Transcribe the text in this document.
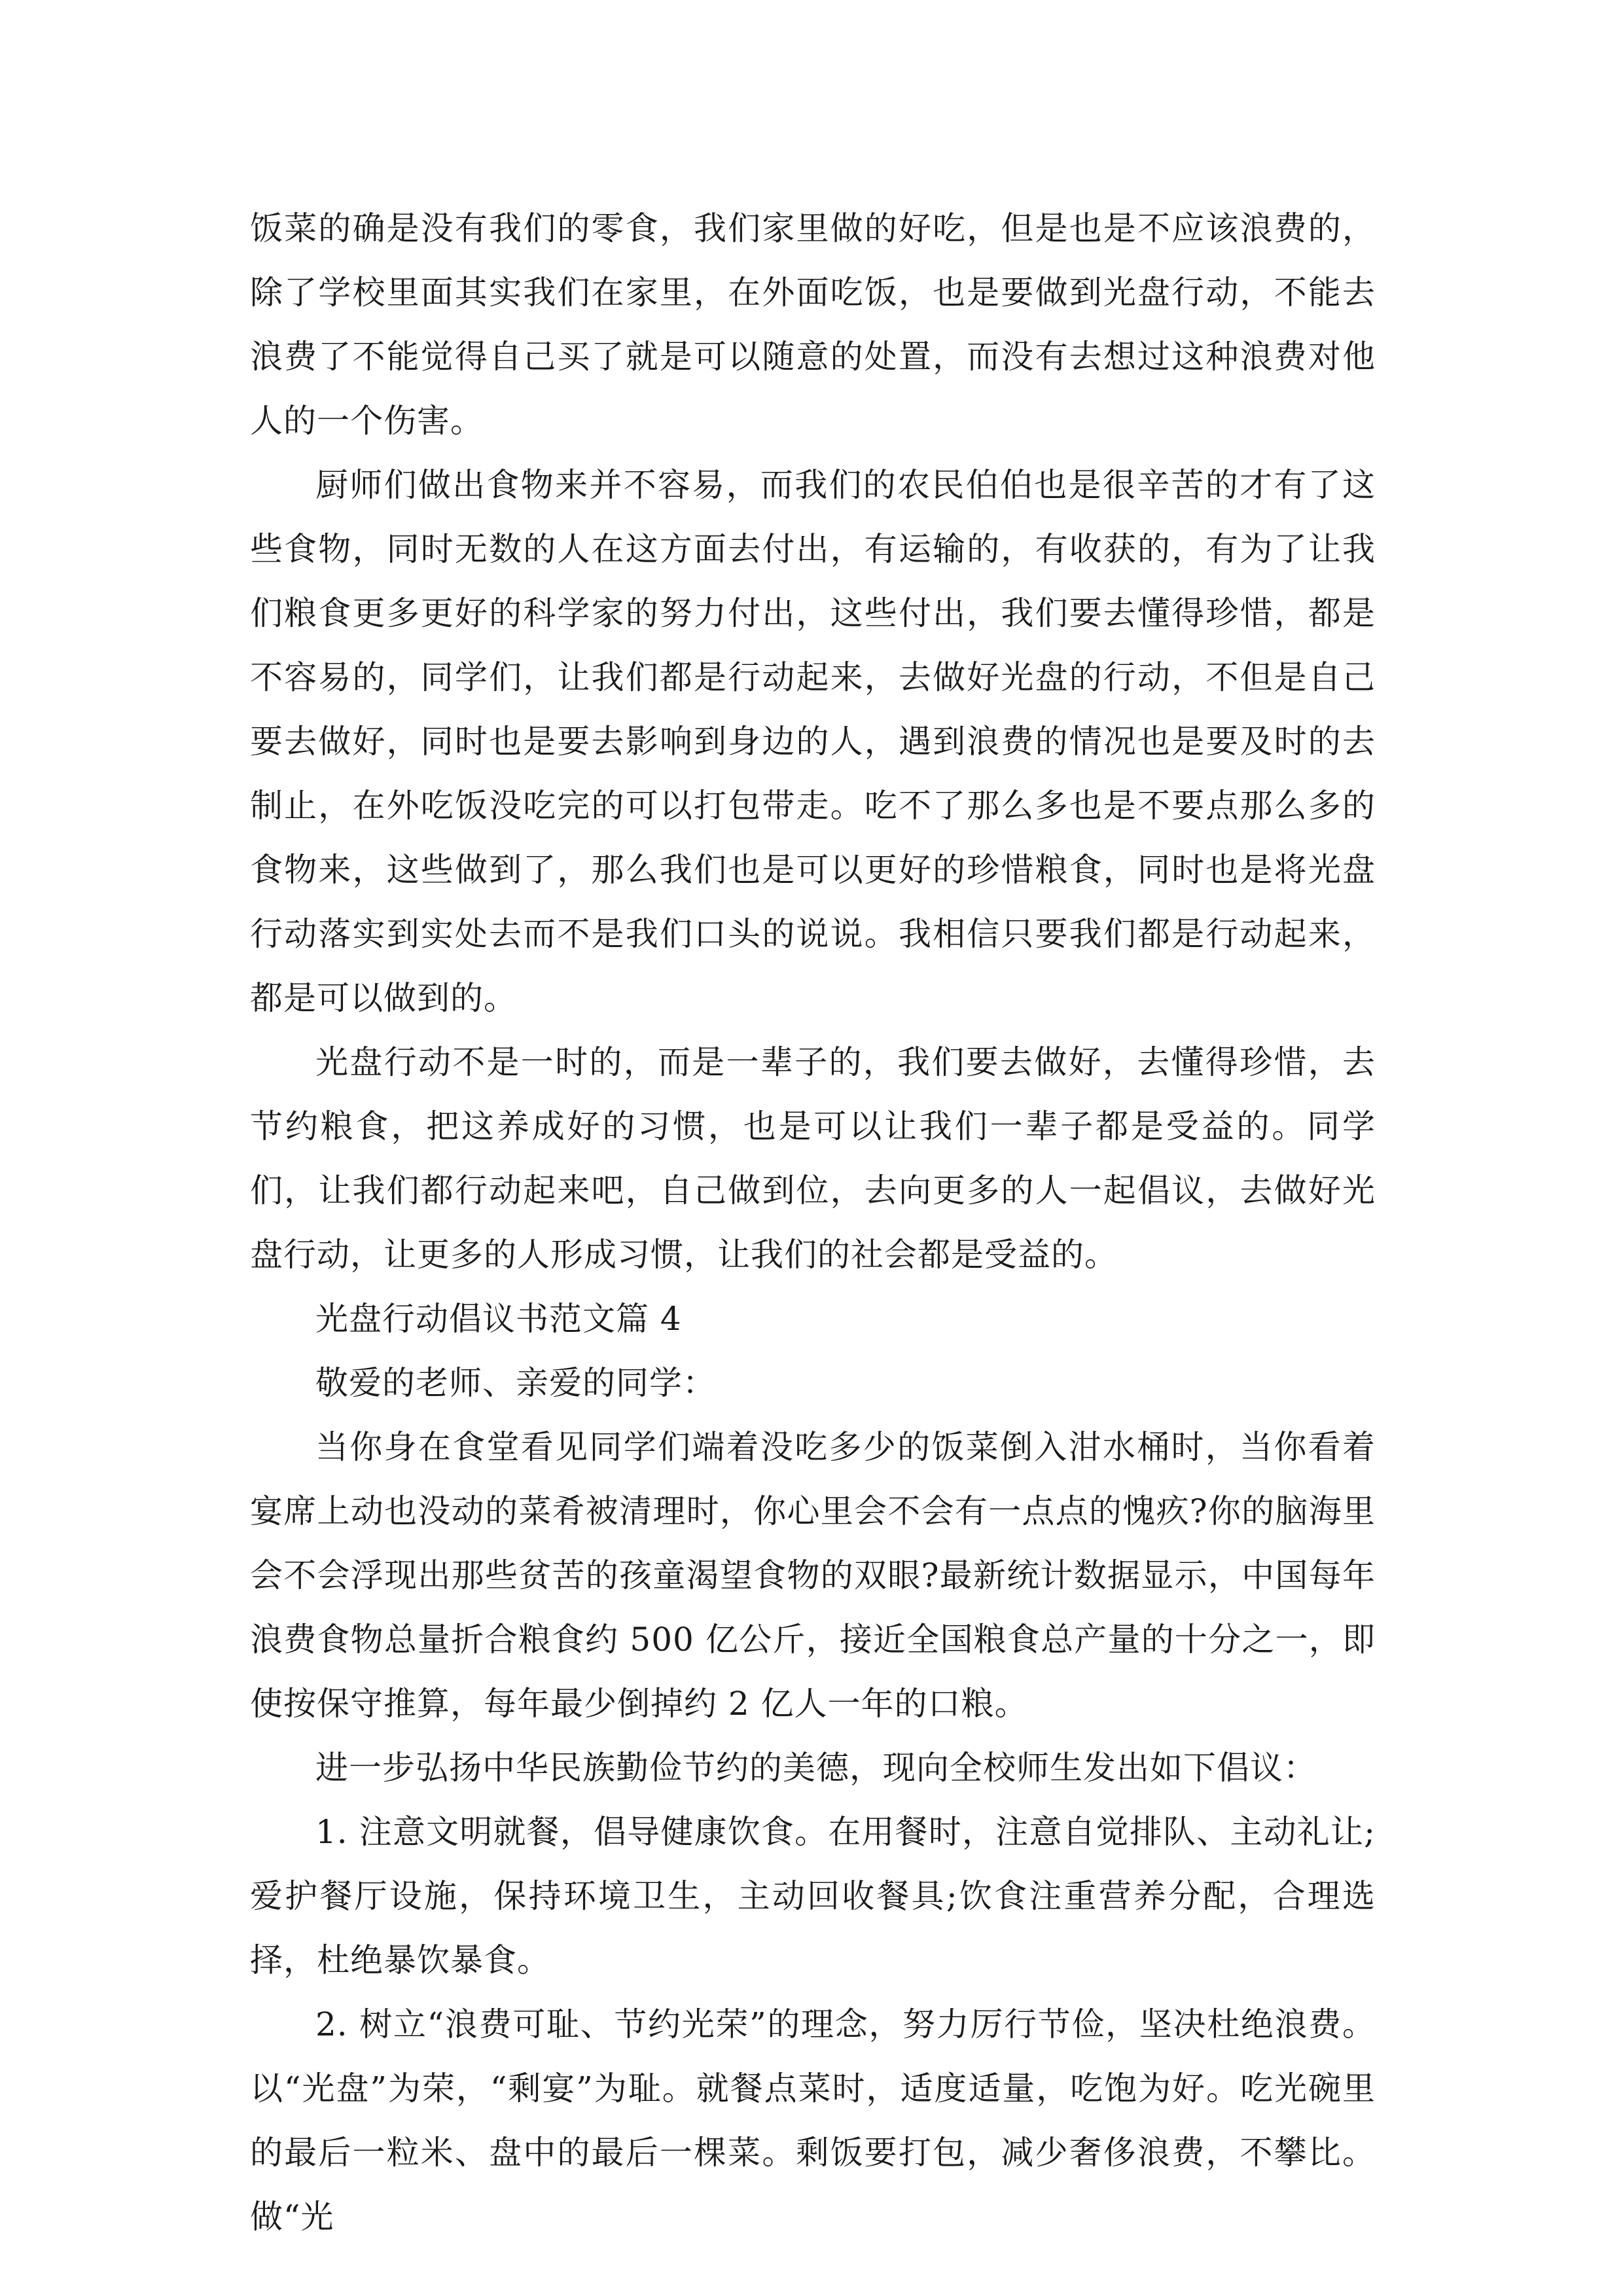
饭菜的确是没有我们的零食，我们家里做的好吃，但是也是不应该浪费的，除了学校里面其实我们在家里，在外面吃饭，也是要做到光盘行动，不能去浪费了不能觉得自己买了就是可以随意的处置，而没有去想过这种浪费对他人的一个伤害。

厨师们做出食物来并不容易，而我们的农民伯伯也是很辛苦的才有了这些食物，同时无数的人在这方面去付出，有运输的，有收获的，有为了让我们粮食更多更好的科学家的努力付出，这些付出，我们要去懂得珍惜，都是不容易的，同学们，让我们都是行动起来，去做好光盘的行动，不但是自己要去做好，同时也是要去影响到身边的人，遇到浪费的情况也是要及时的去制止，在外吃饭没吃完的可以打包带走。吃不了那么多也是不要点那么多的食物来，这些做到了，那么我们也是可以更好的珍惜粮食，同时也是将光盘行动落实到实处去而不是我们口头的说说。我相信只要我们都是行动起来，都是可以做到的。

光盘行动不是一时的，而是一辈子的，我们要去做好，去懂得珍惜，去节约粮食，把这养成好的习惯，也是可以让我们一辈子都是受益的。同学们，让我们都行动起来吧，自己做到位，去向更多的人一起倡议，去做好光盘行动，让更多的人形成习惯，让我们的社会都是受益的。

光盘行动倡议书范文篇 4

敬爱的老师、亲爱的同学：

当你身在食堂看见同学们端着没吃多少的饭菜倒入泔水桶时，当你看着宴席上动也没动的菜肴被清理时，你心里会不会有一点点的愧疚?你的脑海里会不会浮现出那些贫苦的孩童渴望食物的双眼?最新统计数据显示，中国每年浪费食物总量折合粮食约 500 亿公斤，接近全国粮食总产量的十分之一，即使按保守推算，每年最少倒掉约 2 亿人一年的口粮。

进一步弘扬中华民族勤俭节约的美德，现向全校师生发出如下倡议：

1. 注意文明就餐，倡导健康饮食。在用餐时，注意自觉排队、主动礼让;爱护餐厅设施，保持环境卫生，主动回收餐具;饮食注重营养分配，合理选择，杜绝暴饮暴食。

2. 树立“浪费可耻、节约光荣”的理念，努力厉行节俭，坚决杜绝浪费。以“光盘”为荣，“剩宴”为耻。就餐点菜时，适度适量，吃饱为好。吃光碗里的最后一粒米、盘中的最后一棵菜。剩饭要打包，减少奢侈浪费，不攀比。做“光
